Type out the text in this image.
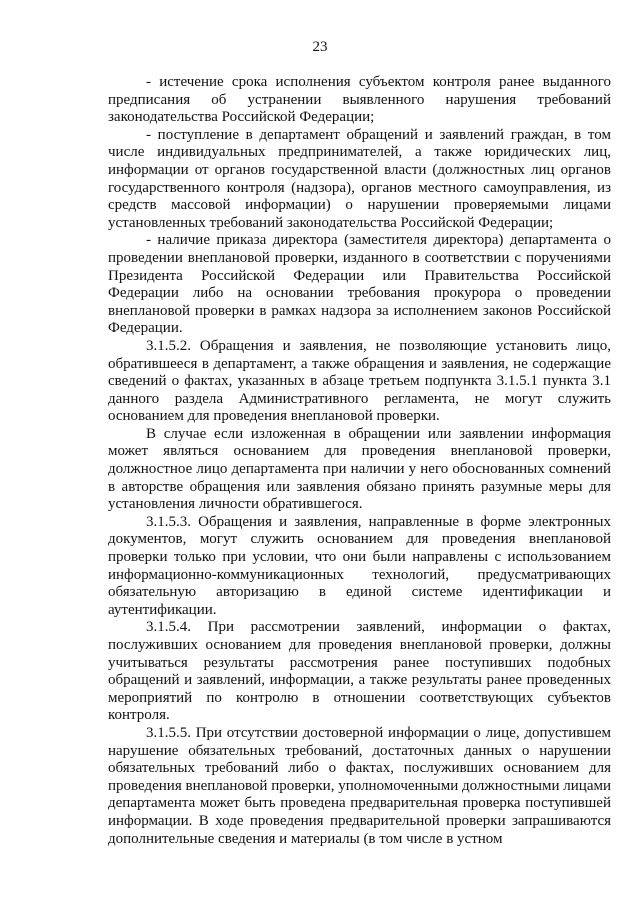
23

- истечение срока исполнения субъектом контроля ранее выданного предписания об устранении выявленного нарушения требований законодательства Российской Федерации;

- поступление в департамент обращений и заявлений граждан, в том числе индивидуальных предпринимателей, а также юридических лиц, информации от органов государственной власти (должностных лиц органов государственного контроля (надзора), органов местного самоуправления, из средств массовой информации) о нарушении проверяемыми лицами установленных требований законодательства Российской Федерации;

- наличие приказа директора (заместителя директора) департамента о проведении внеплановой проверки, изданного в соответствии с поручениями Президента Российской Федерации или Правительства Российской Федерации либо на основании требования прокурора о проведении внеплановой проверки в рамках надзора за исполнением законов Российской Федерации.

3.1.5.2. Обращения и заявления, не позволяющие установить лицо, обратившееся в департамент, а также обращения и заявления, не содержащие сведений о фактах, указанных в абзаце третьем подпункта 3.1.5.1 пункта 3.1 данного раздела Административного регламента, не могут служить основанием для проведения внеплановой проверки.

В случае если изложенная в обращении или заявлении информация может являться основанием для проведения внеплановой проверки, должностное лицо департамента при наличии у него обоснованных сомнений в авторстве обращения или заявления обязано принять разумные меры для установления личности обратившегося.

3.1.5.3. Обращения и заявления, направленные в форме электронных документов, могут служить основанием для проведения внеплановой проверки только при условии, что они были направлены с использованием информационно-коммуникационных технологий, предусматривающих обязательную авторизацию в единой системе идентификации и аутентификации.

3.1.5.4. При рассмотрении заявлений, информации о фактах, послуживших основанием для проведения внеплановой проверки, должны учитываться результаты рассмотрения ранее поступивших подобных обращений и заявлений, информации, а также результаты ранее проведенных мероприятий по контролю в отношении соответствующих субъектов контроля.

3.1.5.5. При отсутствии достоверной информации о лице, допустившем нарушение обязательных требований, достаточных данных о нарушении обязательных требований либо о фактах, послуживших основанием для проведения внеплановой проверки, уполномоченными должностными лицами департамента может быть проведена предварительная проверка поступившей информации. В ходе проведения предварительной проверки запрашиваются дополнительные сведения и материалы (в том числе в устном
